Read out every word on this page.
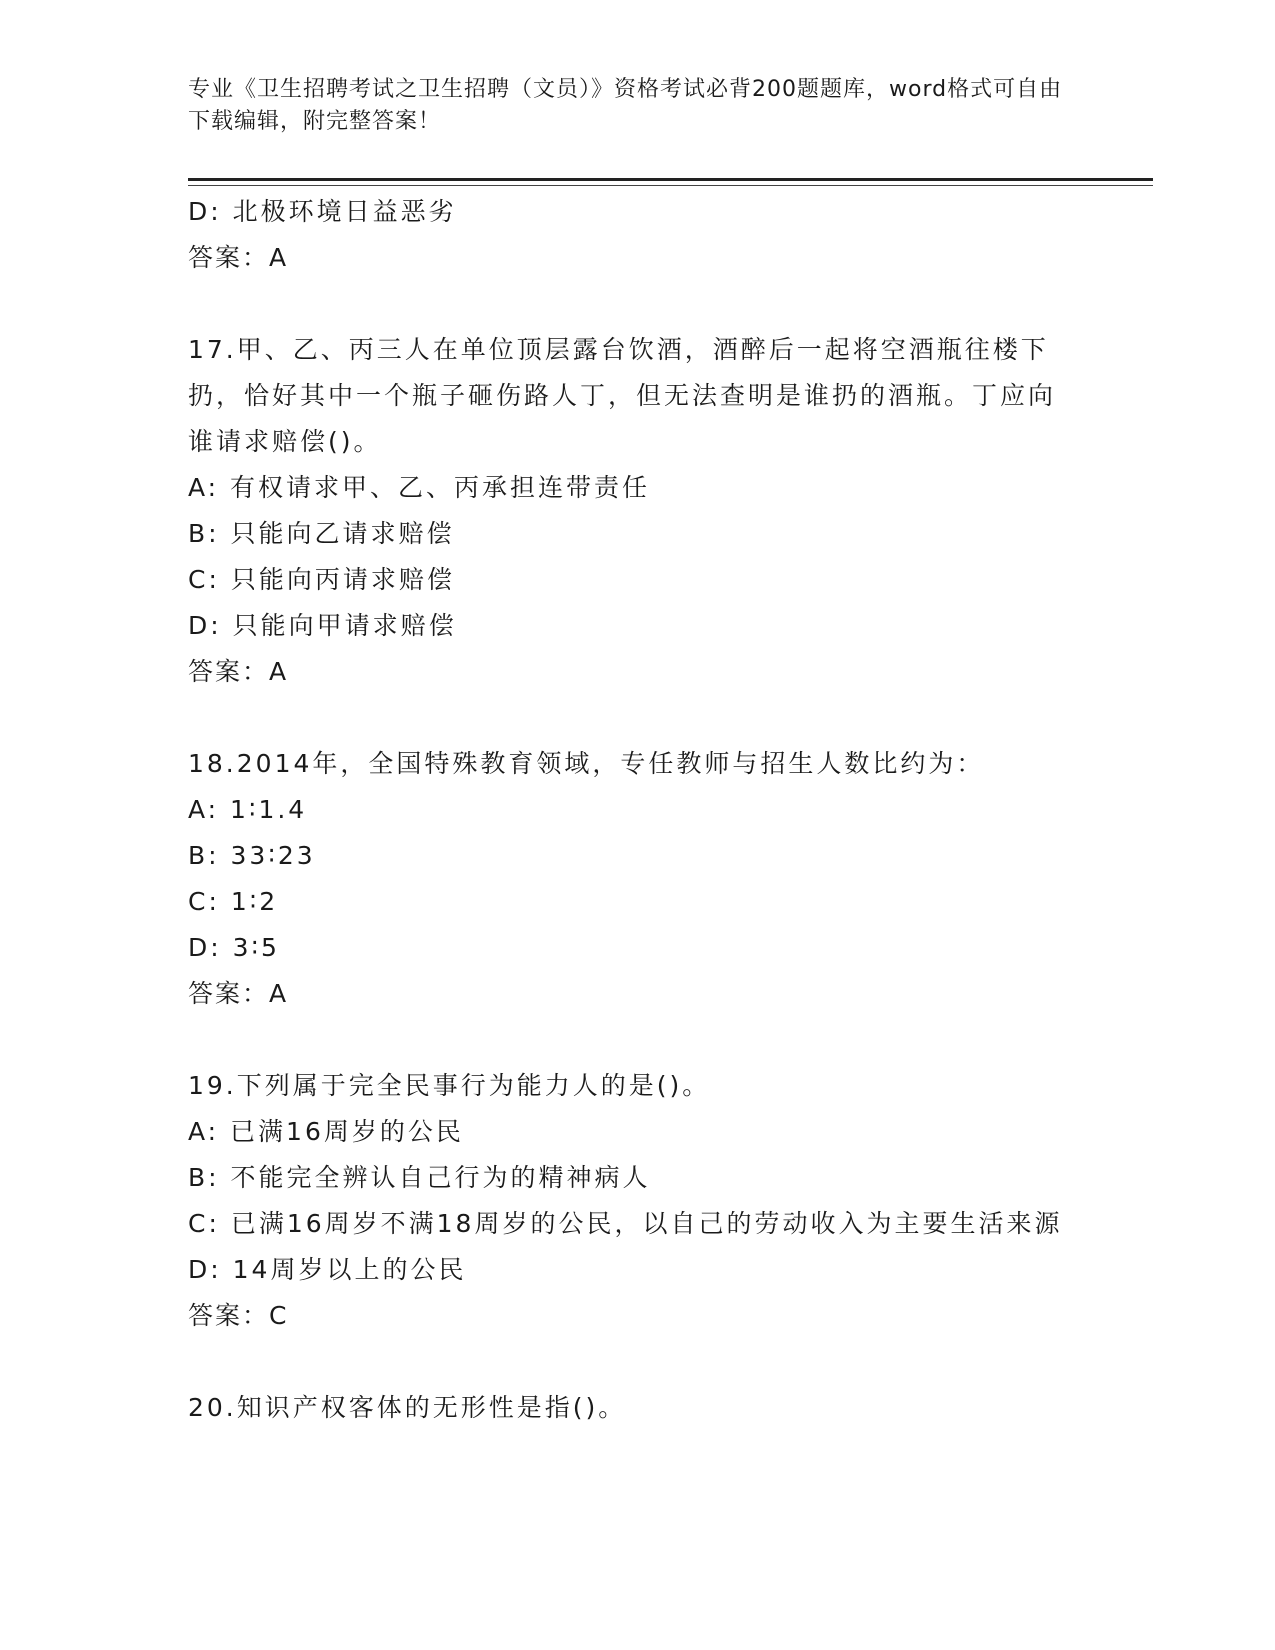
专业《卫生招聘考试之卫生招聘（文员）》资格考试必背200题题库，word格式可自由下载编辑，附完整答案！

D: 北极环境日益恶劣

答案：A

17.甲、乙、丙三人在单位顶层露台饮酒，酒醉后一起将空酒瓶往楼下扔，恰好其中一个瓶子砸伤路人丁，但无法查明是谁扔的酒瓶。丁应向谁请求赔偿()。

A: 有权请求甲、乙、丙承担连带责任

B: 只能向乙请求赔偿

C: 只能向丙请求赔偿

D: 只能向甲请求赔偿

答案：A

18.2014年，全国特殊教育领域，专任教师与招生人数比约为：

A: 1∶1.4

B: 33∶23

C: 1∶2

D: 3∶5

答案：A

19.下列属于完全民事行为能力人的是()。

A: 已满16周岁的公民

B: 不能完全辨认自己行为的精神病人

C: 已满16周岁不满18周岁的公民，以自己的劳动收入为主要生活来源

D: 14周岁以上的公民

答案：C

20.知识产权客体的无形性是指()。
